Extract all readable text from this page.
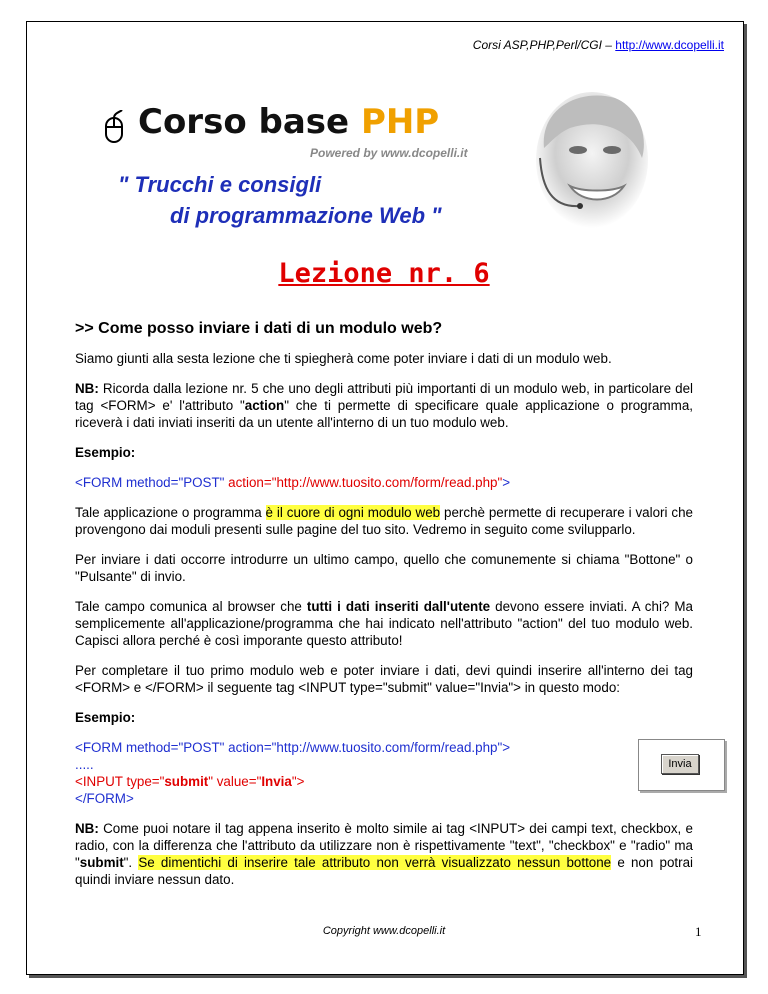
Corsi ASP,PHP,Perl/CGI – http://www.dcopelli.it
Corso base PHP
Powered by www.dcopelli.it
" Trucchi e consigli
di programmazione Web "
Lezione nr. 6
>> Come posso inviare i dati di un modulo web?

Siamo giunti alla sesta lezione che ti spiegherà come poter inviare i dati di un modulo web.

NB: Ricorda dalla lezione nr. 5 che uno degli attributi più importanti di un modulo web, in particolare del tag <FORM> e' l'attributo "action" che ti permette di specificare quale applicazione o programma, riceverà i dati inviati inseriti da un utente all'interno di un tuo modulo web.

Esempio:

<FORM method="POST" action="http://www.tuosito.com/form/read.php">

Tale applicazione o programma è il cuore di ogni modulo web perchè permette di recuperare i valori che provengono dai moduli presenti sulle pagine del tuo sito. Vedremo in seguito come svilupparlo.

Per inviare i dati occorre introdurre un ultimo campo, quello che comunemente si chiama "Bottone" o "Pulsante" di invio.

Tale campo comunica al browser che tutti i dati inseriti dall'utente devono essere inviati. A chi? Ma semplicemente all'applicazione/programma che hai indicato nell'attributo "action" del tuo modulo web. Capisci allora perché è così imporante questo attributo!

Per completare il tuo primo modulo web e poter inviare i dati, devi quindi inserire all'interno dei tag <FORM> e </FORM> il seguente tag <INPUT type="submit" value="Invia"> in questo modo:

Esempio:

<FORM method="POST" action="http://www.tuosito.com/form/read.php">
.....
<INPUT type="submit" value="Invia">
</FORM>
Invia

NB: Come puoi notare il tag appena inserito è molto simile ai tag <INPUT> dei campi text, checkbox, e radio, con la differenza che l'attributo da utilizzare non è rispettivamente "text", "checkbox" e "radio" ma "submit". Se dimentichi di inserire tale attributo non verrà visualizzato nessun bottone e non potrai quindi inviare nessun dato.

Copyright www.dcopelli.it	1
